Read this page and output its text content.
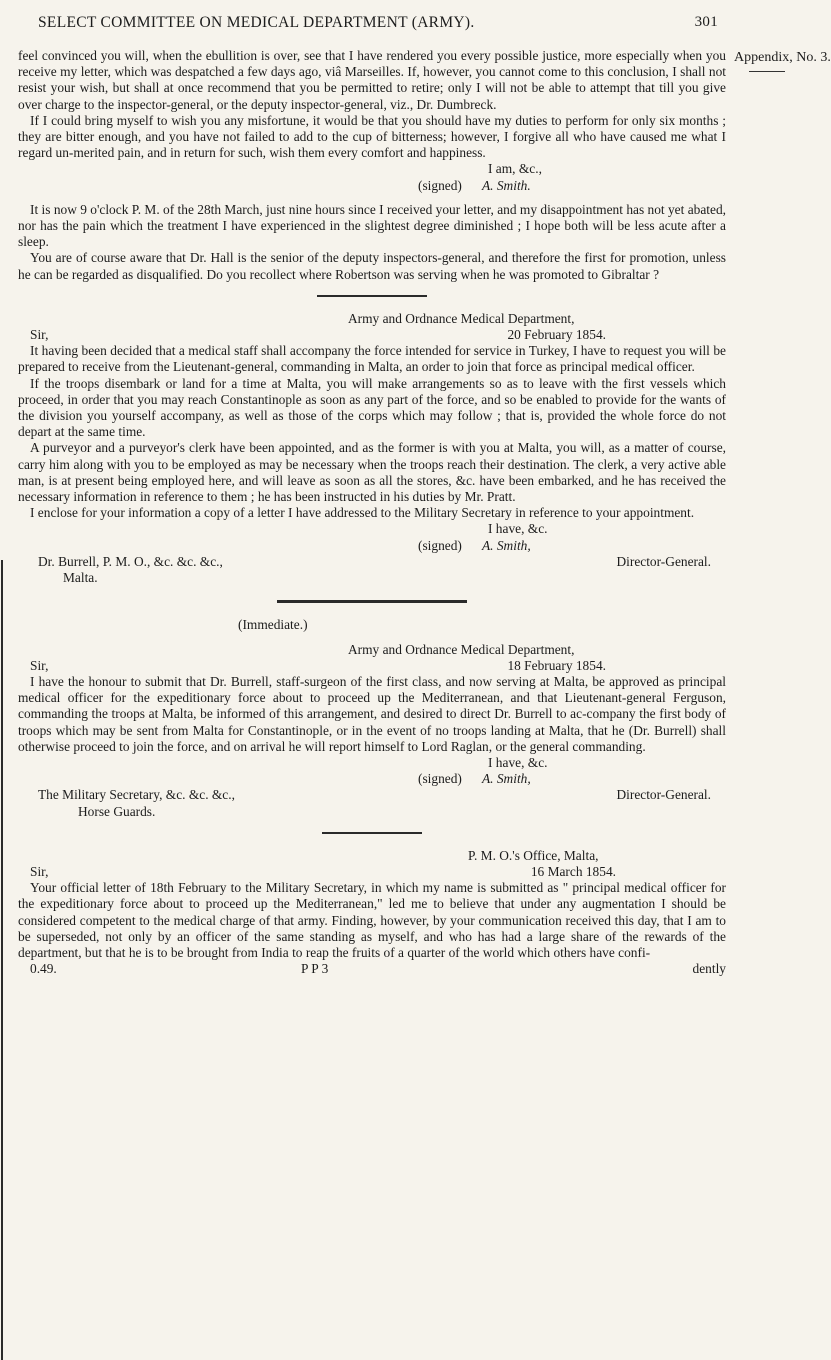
SELECT COMMITTEE ON MEDICAL DEPARTMENT (ARMY).	301
Appendix, No. 3.

feel convinced you will, when the ebullition is over, see that I have rendered you every possible justice, more especially when you receive my letter, which was despatched a few days ago, viâ Marseilles. If, however, you cannot come to this conclusion, I shall not resist your wish, but shall at once recommend that you be permitted to retire; only I will not be able to attempt that till you give over charge to the inspector-general, or the deputy inspector-general, viz., Dr. Dumbreck.

If I could bring myself to wish you any misfortune, it would be that you should have my duties to perform for only six months ; they are bitter enough, and you have not failed to add to the cup of bitterness; however, I forgive all who have caused me what I regard un-merited pain, and in return for such, wish them every comfort and happiness.

I am, &c.,

(signed) A. Smith.

It is now 9 o'clock P. M. of the 28th March, just nine hours since I received your letter, and my disappointment has not yet abated, nor has the pain which the treatment I have experienced in the slightest degree diminished ; I hope both will be less acute after a sleep.

You are of course aware that Dr. Hall is the senior of the deputy inspectors-general, and therefore the first for promotion, unless he can be regarded as disqualified. Do you recollect where Robertson was serving when he was promoted to Gibraltar ?

Army and Ordnance Medical Department,

Sir,	20 February 1854.

It having been decided that a medical staff shall accompany the force intended for service in Turkey, I have to request you will be prepared to receive from the Lieutenant-general, commanding in Malta, an order to join that force as principal medical officer.

If the troops disembark or land for a time at Malta, you will make arrangements so as to leave with the first vessels which proceed, in order that you may reach Constantinople as soon as any part of the force, and so be enabled to provide for the wants of the division you yourself accompany, as well as those of the corps which may follow ; that is, provided the whole force do not depart at the same time.

A purveyor and a purveyor's clerk have been appointed, and as the former is with you at Malta, you will, as a matter of course, carry him along with you to be employed as may be necessary when the troops reach their destination. The clerk, a very active able man, is at present being employed here, and will leave as soon as all the stores, &c. have been embarked, and he has received the necessary information in reference to them ; he has been instructed in his duties by Mr. Pratt.

I enclose for your information a copy of a letter I have addressed to the Military Secretary in reference to your appointment.

I have, &c.

(signed) A. Smith,

Dr. Burrell, P. M. O., &c. &c. &c.,	Director-General.

Malta.

(Immediate.)

Army and Ordnance Medical Department,

Sir,	18 February 1854.

I have the honour to submit that Dr. Burrell, staff-surgeon of the first class, and now serving at Malta, be approved as principal medical officer for the expeditionary force about to proceed up the Mediterranean, and that Lieutenant-general Ferguson, commanding the troops at Malta, be informed of this arrangement, and desired to direct Dr. Burrell to ac-company the first body of troops which may be sent from Malta for Constantinople, or in the event of no troops landing at Malta, that he (Dr. Burrell) shall otherwise proceed to join the force, and on arrival he will report himself to Lord Raglan, or the general commanding.

I have, &c.

(signed) A. Smith,

The Military Secretary, &c. &c. &c.,	Director-General.

Horse Guards.

P. M. O.'s Office, Malta,

Sir,	16 March 1854.

Your official letter of 18th February to the Military Secretary, in which my name is submitted as " principal medical officer for the expeditionary force about to proceed up the Mediterranean," led me to believe that under any augmentation I should be considered competent to the medical charge of that army. Finding, however, by your communication received this day, that I am to be superseded, not only by an officer of the same standing as myself, and who has had a large share of the rewards of the department, but that he is to be brought from India to reap the fruits of a quarter of the world which others have confi-

0.49.	P P 3	dently
